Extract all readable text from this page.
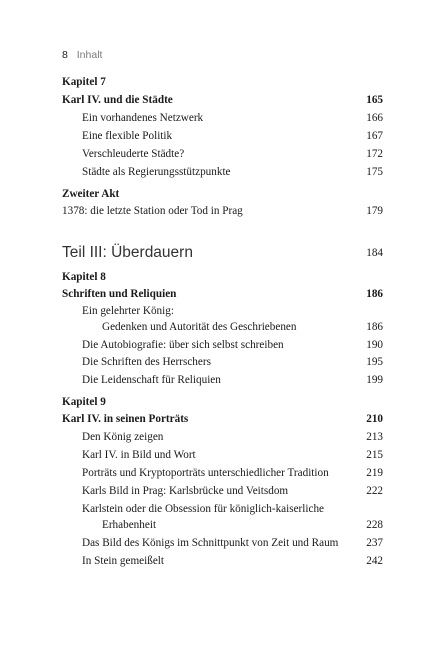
8 Inhalt
Kapitel 7
Karl IV. und die Städte	165
Ein vorhandenes Netzwerk	166
Eine flexible Politik	167
Verschleuderte Städte?	172
Städte als Regierungsstützpunkte	175
Zweiter Akt
1378: die letzte Station oder Tod in Prag	179
Teil III: Überdauern	184
Kapitel 8
Schriften und Reliquien	186
Ein gelehrter König:
Gedenken und Autorität des Geschriebenen	186
Die Autobiografie: über sich selbst schreiben	190
Die Schriften des Herrschers	195
Die Leidenschaft für Reliquien	199
Kapitel 9
Karl IV. in seinen Porträts	210
Den König zeigen	213
Karl IV. in Bild und Wort	215
Porträts und Kryptoporträts unterschiedlicher Tradition	219
Karls Bild in Prag: Karlsbrücke und Veitsdom	222
Karlstein oder die Obsession für königlich-kaiserliche
Erhabenheit	228
Das Bild des Königs im Schnittpunkt von Zeit und Raum 237
In Stein gemeißelt	242
